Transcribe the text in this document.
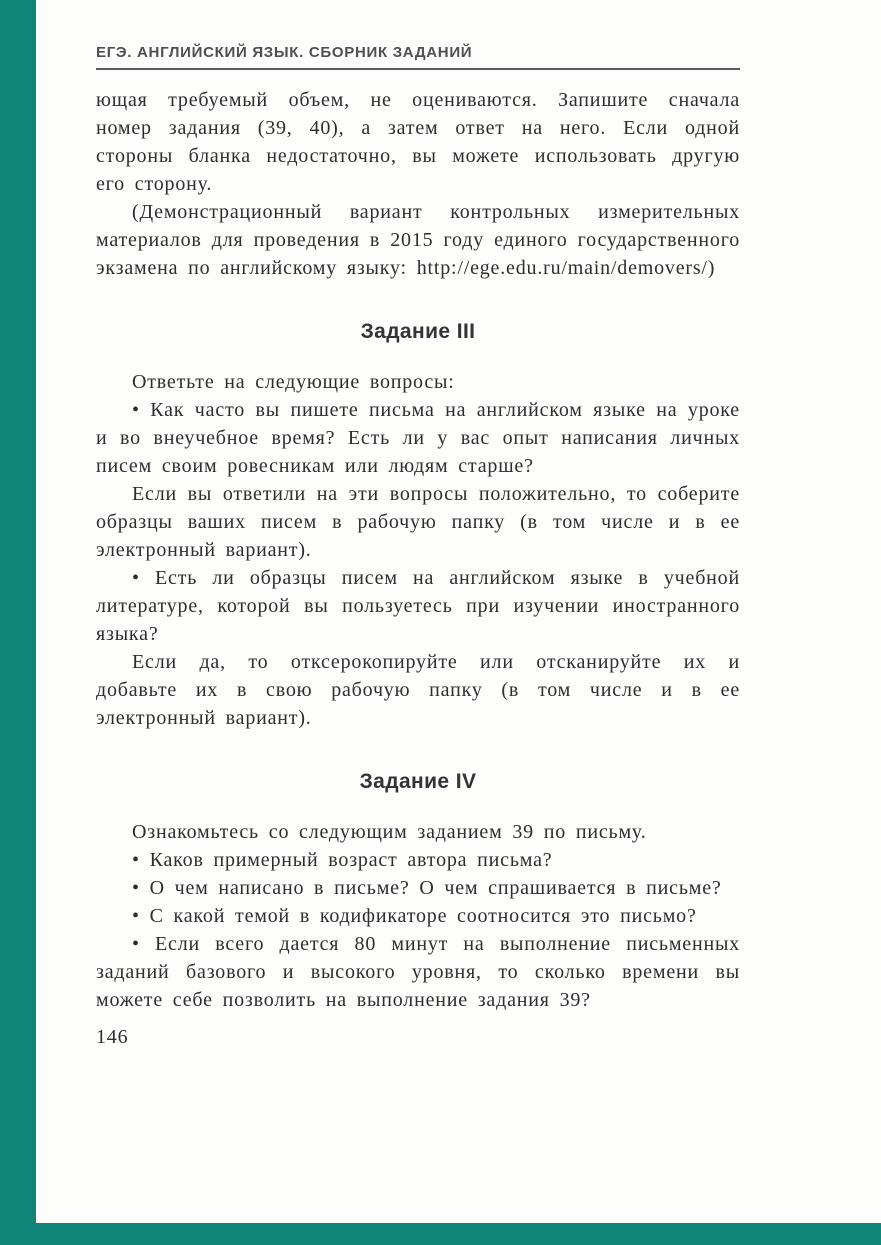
ЕГЭ. АНГЛИЙСКИЙ ЯЗЫК. СБОРНИК ЗАДАНИЙ

ющая требуемый объем, не оцениваются. Запишите сначала номер задания (39, 40), а затем ответ на него. Если одной стороны бланка недостаточно, вы можете использовать другую его сторону.

(Демонстрационный вариант контрольных измерительных материалов для проведения в 2015 году единого государственного экзамена по английскому языку: http://ege.edu.ru/main/demovers/)

Задание III

Ответьте на следующие вопросы:

• Как часто вы пишете письма на английском языке на уроке и во внеучебное время? Есть ли у вас опыт написания личных писем своим ровесникам или людям старше?

Если вы ответили на эти вопросы положительно, то соберите образцы ваших писем в рабочую папку (в том числе и в ее электронный вариант).

• Есть ли образцы писем на английском языке в учебной литературе, которой вы пользуетесь при изучении иностранного языка?

Если да, то отксерокопируйте или отсканируйте их и добавьте их в свою рабочую папку (в том числе и в ее электронный вариант).

Задание IV

Ознакомьтесь со следующим заданием 39 по письму.

• Каков примерный возраст автора письма?

• О чем написано в письме? О чем спрашивается в письме?

• С какой темой в кодификаторе соотносится это письмо?

• Если всего дается 80 минут на выполнение письменных заданий базового и высокого уровня, то сколько времени вы можете себе позволить на выполнение задания 39?

146
